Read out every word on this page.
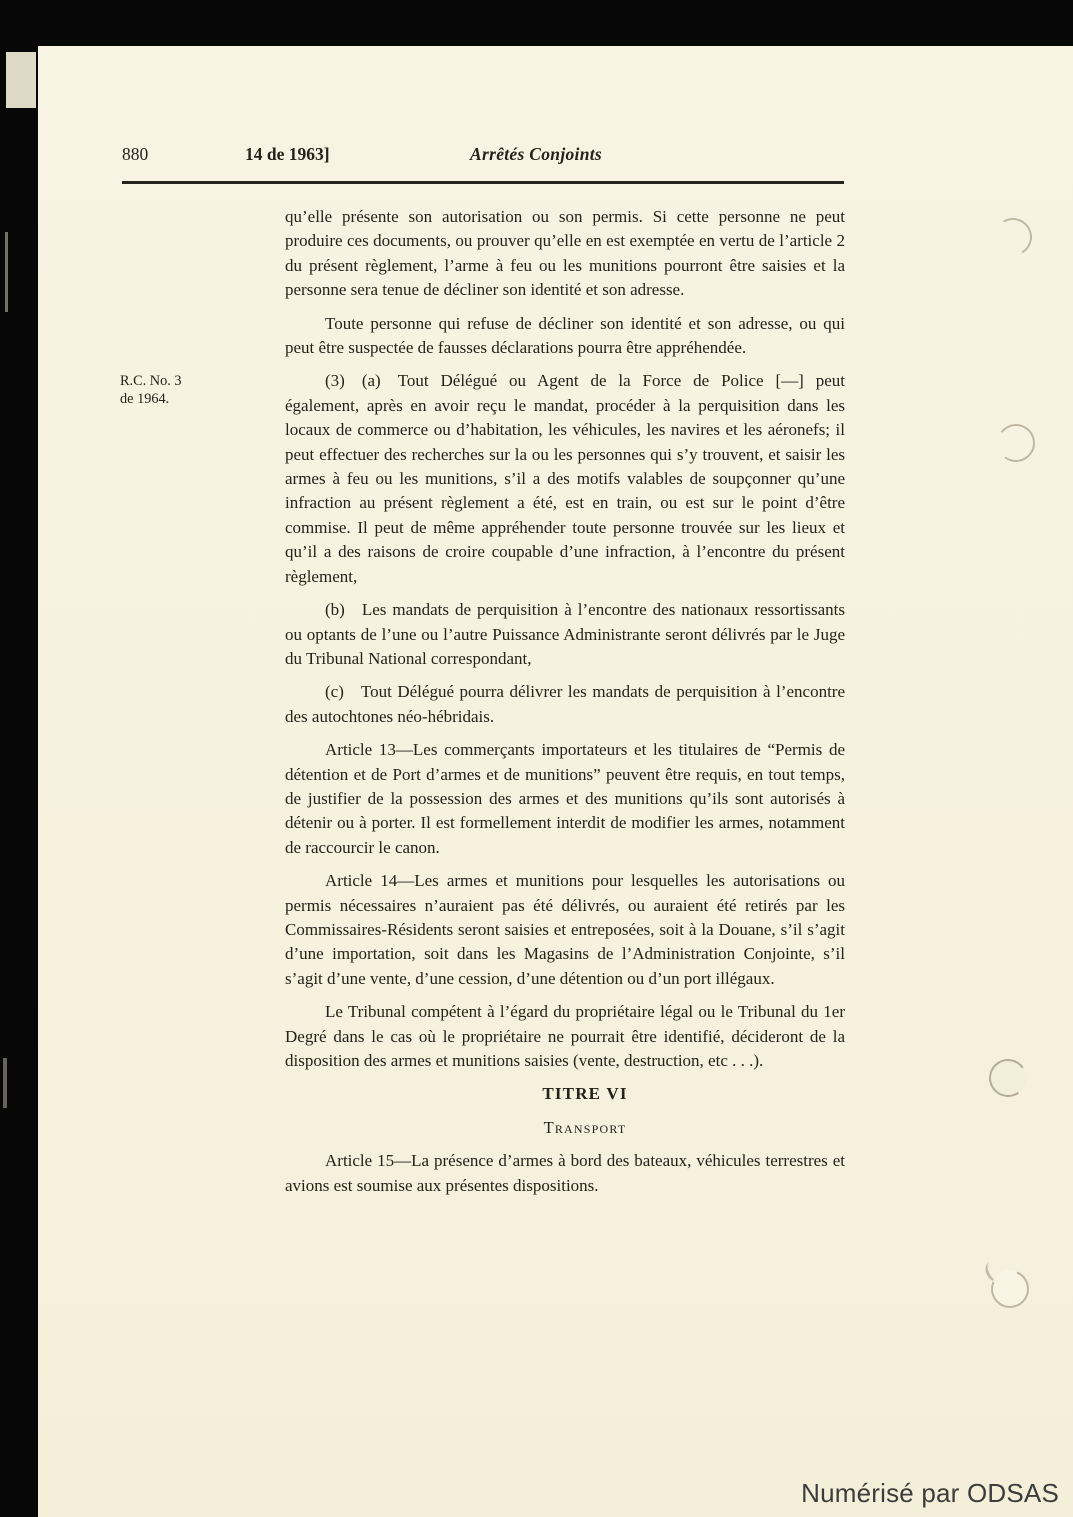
880	14 de 1963]	Arrêtés Conjoints

qu’elle présente son autorisation ou son permis. Si cette personne ne peut produire ces documents, ou prouver qu’elle en est exemptée en vertu de l’article 2 du présent règlement, l’arme à feu ou les munitions pourront être saisies et la personne sera tenue de décliner son identité et son adresse.

Toute personne qui refuse de décliner son identité et son adresse, ou qui peut être suspectée de fausses déclarations pourra être appréhendée.

R.C. No. 3
de 1964.

(3)  (a)  Tout Délégué ou Agent de la Force de Police [—] peut également, après en avoir reçu le mandat, procéder à la perquisition dans les locaux de commerce ou d’habitation, les véhicules, les navires et les aéronefs; il peut effectuer des recherches sur la ou les personnes qui s’y trouvent, et saisir les armes à feu ou les munitions, s’il a des motifs valables de soupçonner qu’une infraction au présent règlement a été, est en train, ou est sur le point d’être commise. Il peut de même appréhender toute personne trouvée sur les lieux et qu’il a des raisons de croire coupable d’une infraction, à l’encontre du présent règlement,

(b)  Les mandats de perquisition à l’encontre des nationaux ressortissants ou optants de l’une ou l’autre Puissance Administrante seront délivrés par le Juge du Tribunal National correspondant,

(c)  Tout Délégué pourra délivrer les mandats de perquisition à l’encontre des autochtones néo-hébridais.

Article 13—Les commerçants importateurs et les titulaires de “Permis de détention et de Port d’armes et de munitions” peuvent être requis, en tout temps, de justifier de la possession des armes et des munitions qu’ils sont autorisés à détenir ou à porter. Il est formellement interdit de modifier les armes, notamment de raccourcir le canon.

Article 14—Les armes et munitions pour lesquelles les autorisations ou permis nécessaires n’auraient pas été délivrés, ou auraient été retirés par les Commissaires-Résidents seront saisies et entreposées, soit à la Douane, s’il s’agit d’une importation, soit dans les Magasins de l’Administration Conjointe, s’il s’agit d’une vente, d’une cession, d’une détention ou d’un port illégaux.

Le Tribunal compétent à l’égard du propriétaire légal ou le Tribunal du 1er Degré dans le cas où le propriétaire ne pourrait être identifié, décideront de la disposition des armes et munitions saisies (vente, destruction, etc . . .).

TITRE VI

Transport

Article 15—La présence d’armes à bord des bateaux, véhicules terrestres et avions est soumise aux présentes dispositions.

Numérisé par ODSAS
